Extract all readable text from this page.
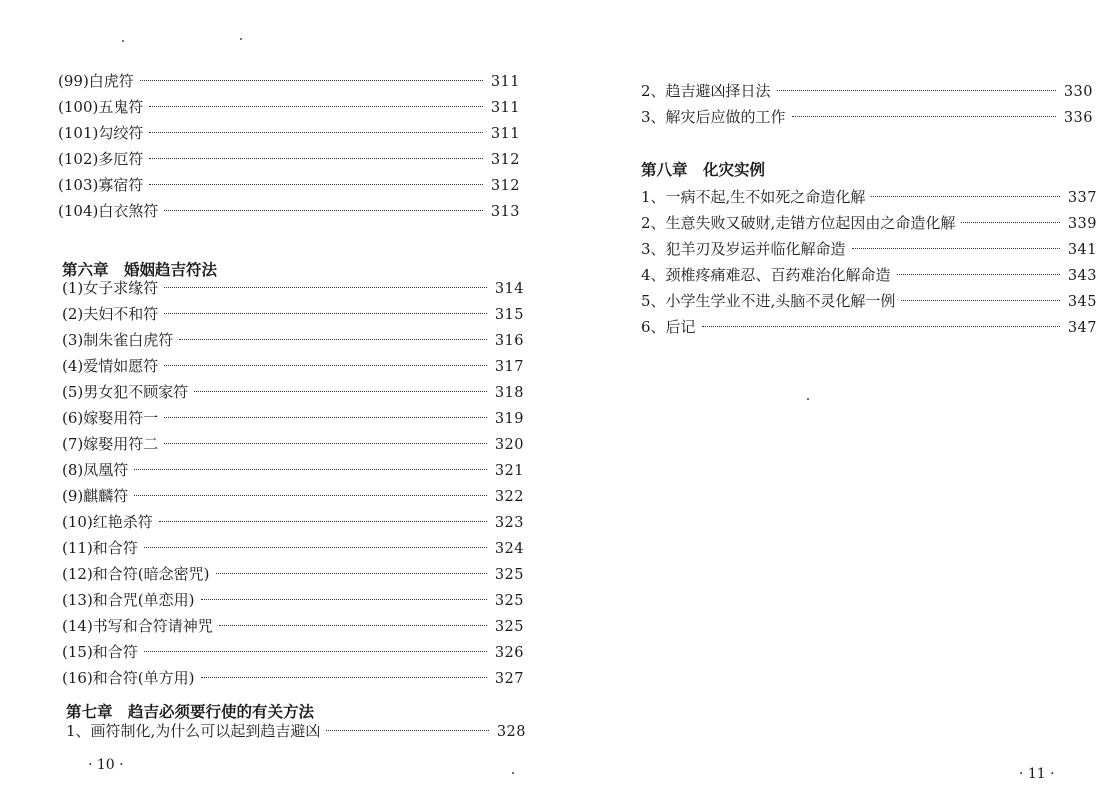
(99)白虎符	311
(100)五鬼符	311
(101)勾绞符	311
(102)多厄符	312
(103)寡宿符	312
(104)白衣煞符	313
第六章　婚姻趋吉符法
(1)女子求缘符	314
(2)夫妇不和符	315
(3)制朱雀白虎符	316
(4)爱情如愿符	317
(5)男女犯不顾家符	318
(6)嫁娶用符一	319
(7)嫁娶用符二	320
(8)凤凰符	321
(9)麒麟符	322
(10)红艳杀符	323
(11)和合符	324
(12)和合符(暗念密咒)	325
(13)和合咒(单恋用)	325
(14)书写和合符请神咒	325
(15)和合符	326
(16)和合符(单方用)	327
第七章　趋吉必须要行使的有关方法
1、画符制化,为什么可以起到趋吉避凶	328
· 10 ·
2、趋吉避凶择日法	330
3、解灾后应做的工作	336
第八章　化灾实例
1、一病不起,生不如死之命造化解	337
2、生意失败又破财,走错方位起因由之命造化解	339
3、犯羊刃及岁运并临化解命造	341
4、颈椎疼痛难忍、百药难治化解命造	343
5、小学生学业不进,头脑不灵化解一例	345
6、后记	347
· 11 ·
